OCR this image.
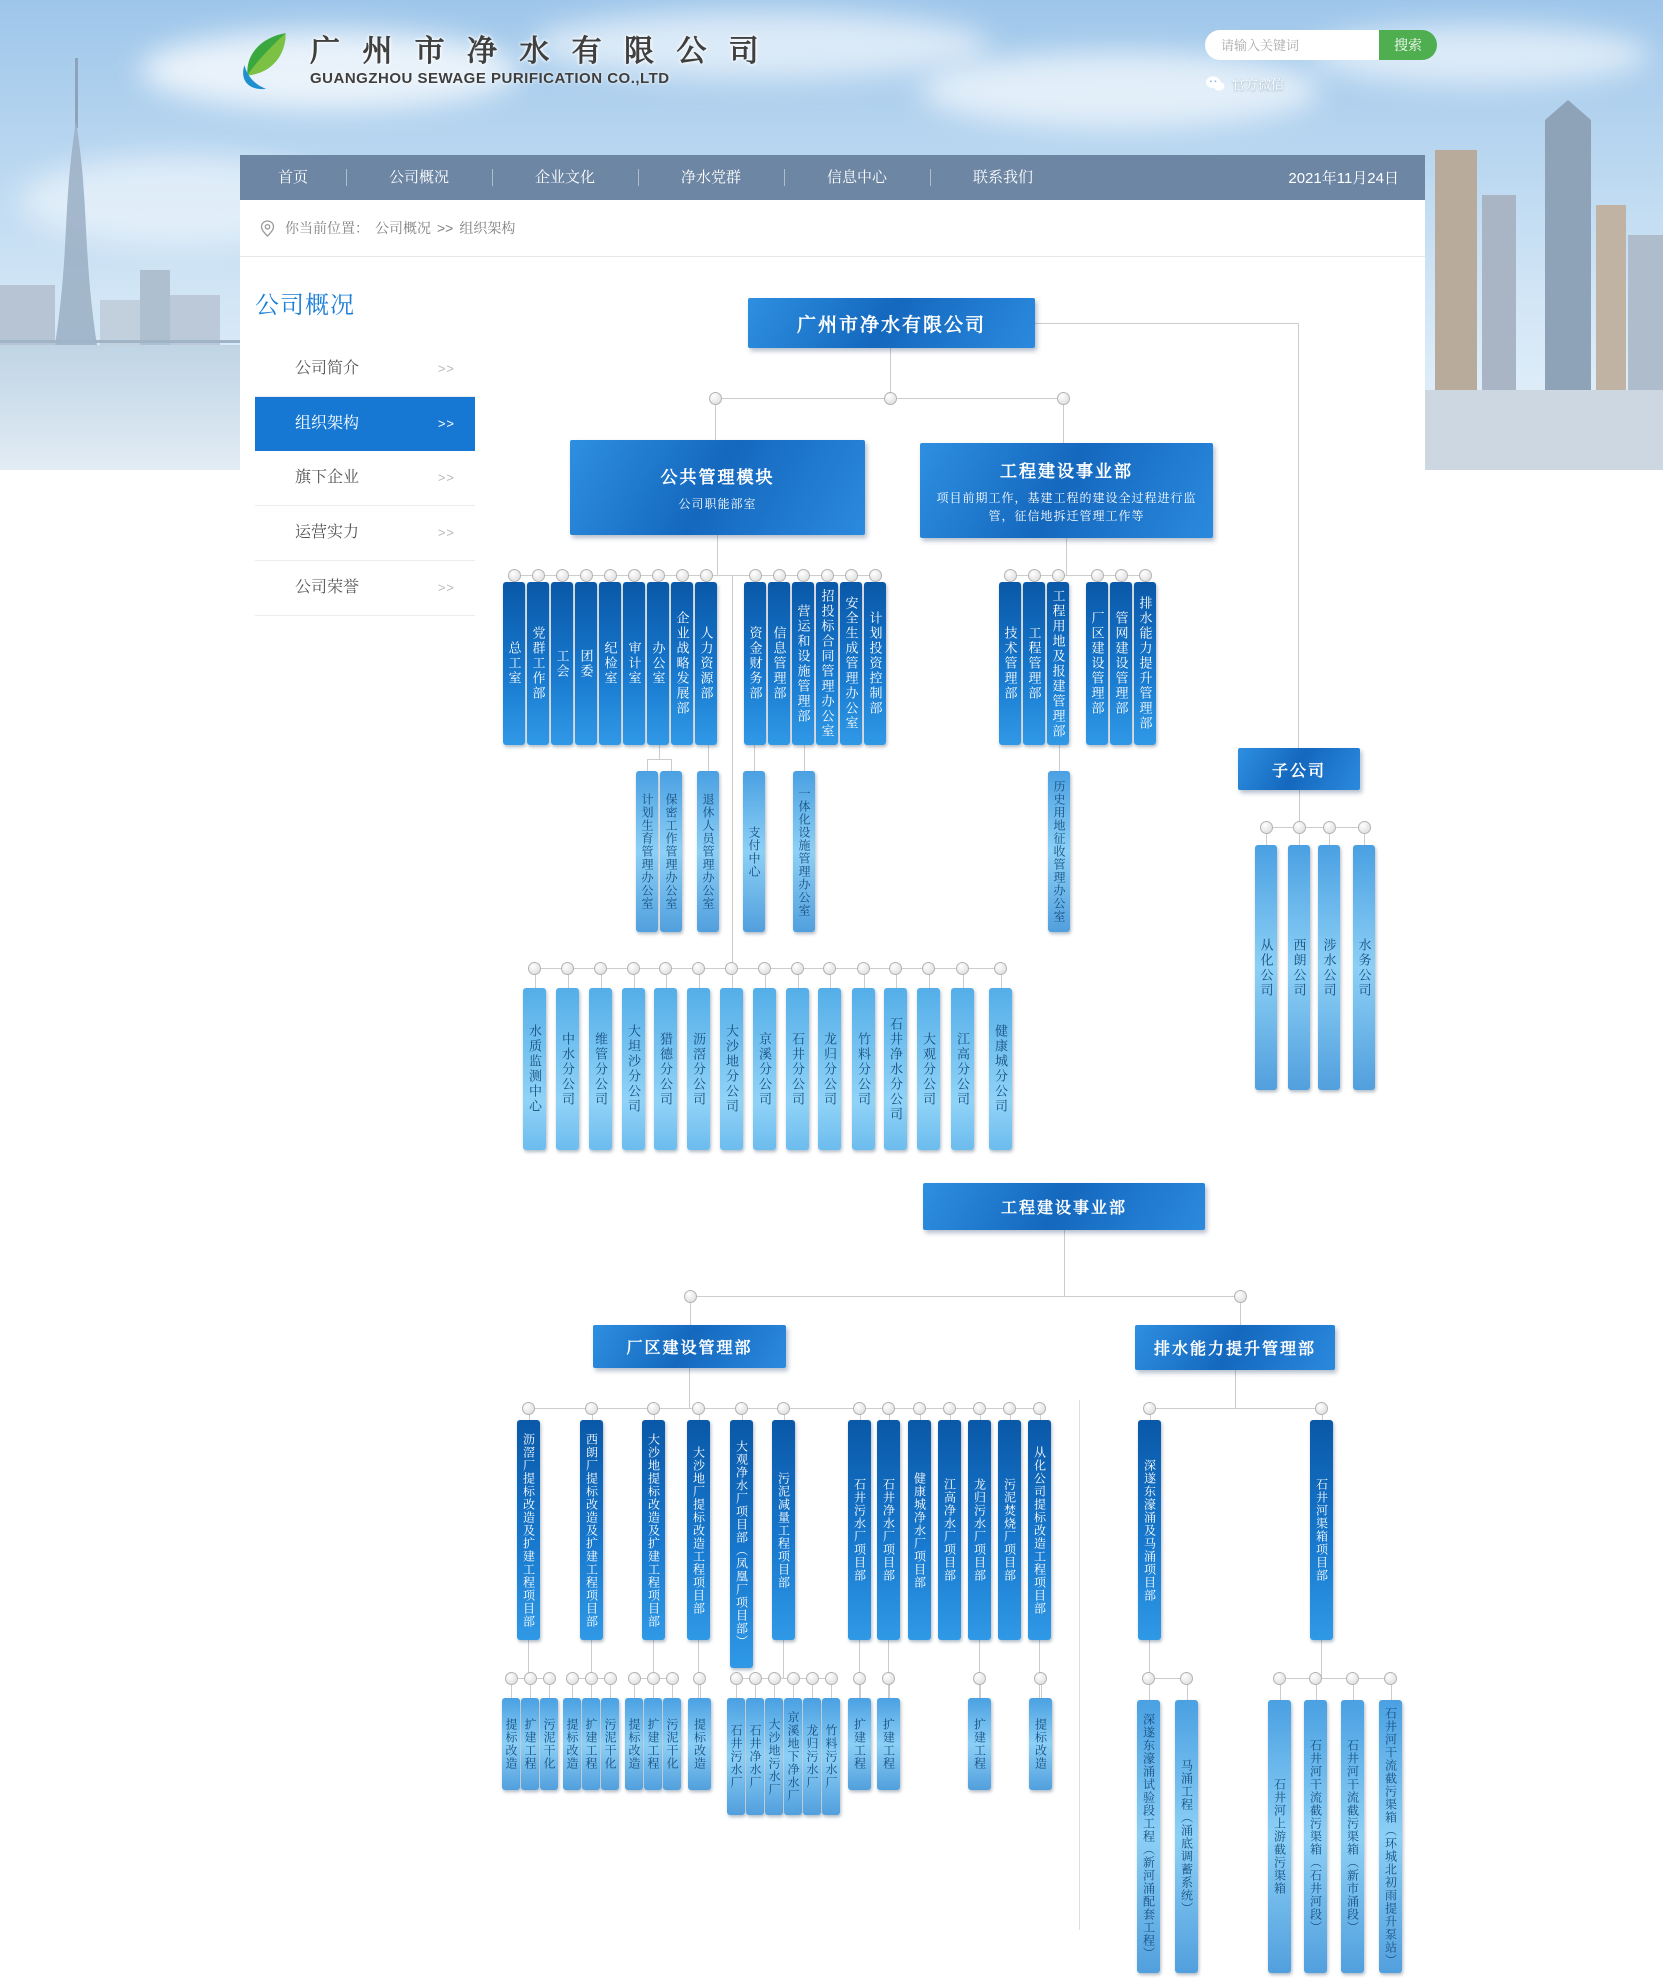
广 州 市 净 水 有 限 公 司
GUANGZHOU SEWAGE PURIFICATION CO.,LTD
请输入关键词
搜索
官方微信
首页	公司概况	企业文化	净水党群	信息中心	联系我们	2021年11月24日
你当前位置： 公司概况 >> 组织架构
公司概况
公司简介	>>
组织架构	>>
旗下企业	>>
运营实力	>>
公司荣誉	>>
广州市净水有限公司
公共管理模块
公司职能部室
工程建设事业部
项目前期工作，基建工程的建设全过程进行监管，征信地拆迁管理工作等
子公司
工程建设事业部
厂区建设管理部	排水能力提升管理部
总工室 党群工作部 工会 团委 纪检室 审计室 办公室 企业战略发展部 人力资源部	资金财务部 信息管理部 营运和设施管理部 招投标合同管理办公室 安全生成管理办公室 计划投资控制部	技术管理部 工程管理部 工程用地及报建管理部 厂区建设管理部 管网建设管理部 排水能力提升管理部
计划生育管理办公室 保密工作管理办公室 退休人员管理办公室	支付中心	一体化设施管理办公室	历史用地征收管理办公室
水质监测中心 中水分公司 维管分公司 大坦沙分公司 猎德分公司 沥滘分公司 大沙地分公司 京溪分公司 石井分公司 龙归分公司 竹料分公司 石井净水分公司 大观分公司 江高分公司 健康城分公司
从化公司 西朗公司 涉水公司 水务公司
沥滘厂提标改造及扩建工程项目部	西朗厂提标改造及扩建工程项目部	大沙地提标改造及扩建工程项目部	大沙地厂提标改造工程项目部 大观净水厂项目部（凤凰厂项目部） 污泥减量工程项目部	石井污水厂项目部 石井净水厂项目部 健康城净水厂项目部 江高净水厂项目部 龙归污水厂项目部 污泥焚烧厂项目部 从化公司提标改造工程项目部	深遂东濠涌及马涌项目部	石井河渠箱项目部
提标改造 扩建工程 污泥干化 提标改造 扩建工程 污泥干化 提标改造 扩建工程 污泥干化 提标改造 石井污水厂 石井净水厂 大沙地污水厂 京溪地下净水厂 龙归污水厂 竹料污水厂 扩建工程 扩建工程	扩建工程	提标改造	深遂东濠涌试验段工程（新河涌配套工程） 马涌工程（涌底调蓄系统）	石井河上游截污渠箱 石井河干流截污渠箱（石井河段） 石井河干流截污渠箱（新市涌段） 石井河干流截污渠箱（环城北初雨提升泵站）
